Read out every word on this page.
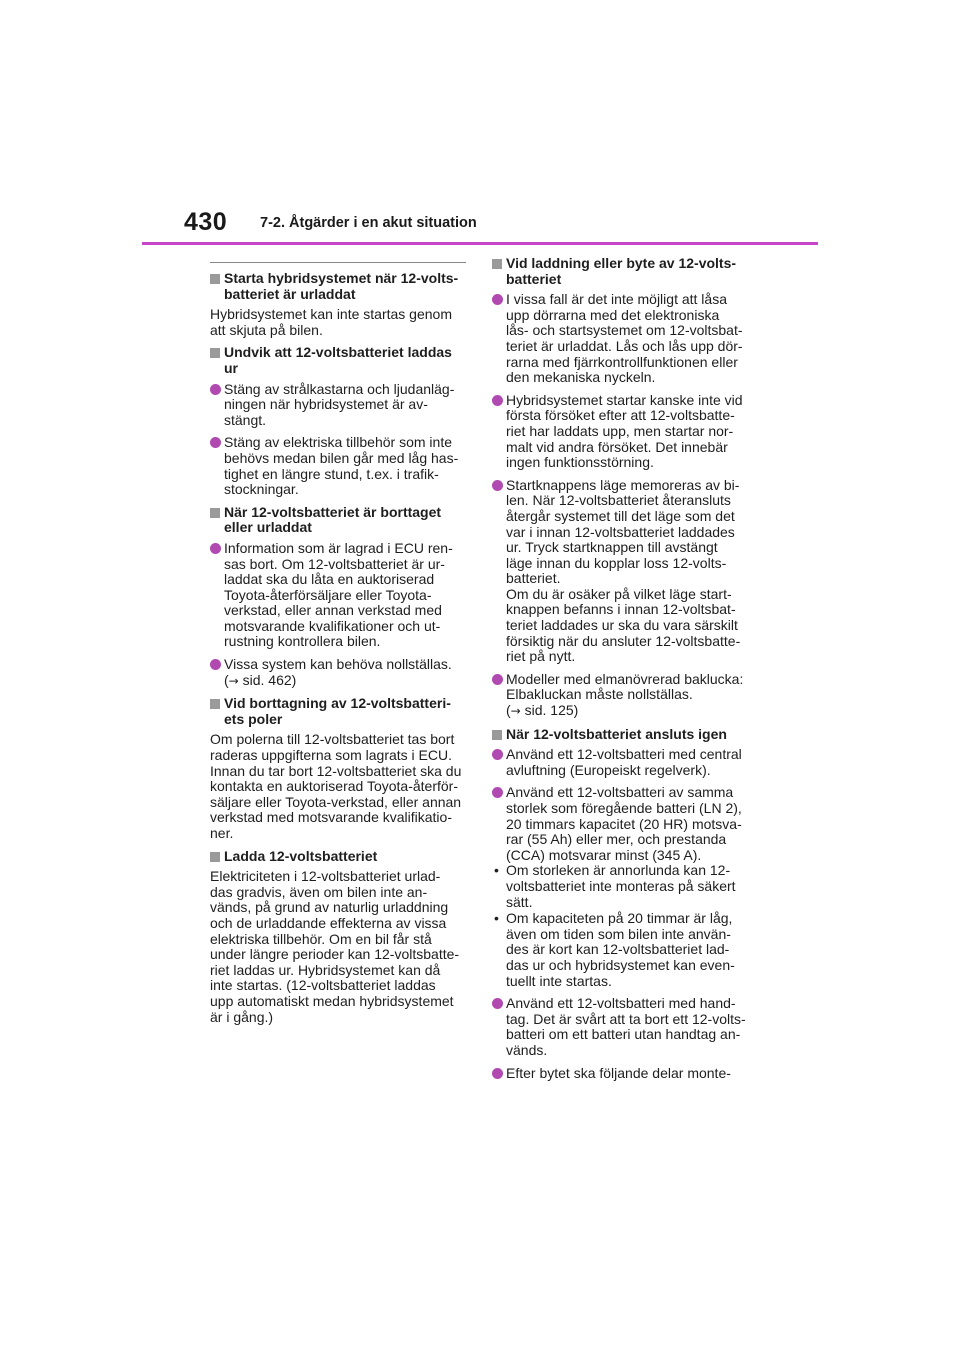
430 7-2. Åtgärder i en akut situation
Starta hybridsystemet när 12-volts-
batteriet är urladdat
Hybridsystemet kan inte startas genom
att skjuta på bilen.
Undvik att 12-voltsbatteriet laddas
ur
Stäng av strålkastarna och ljudanläg-
ningen när hybridsystemet är av-
stängt.
Stäng av elektriska tillbehör som inte
behövs medan bilen går med låg has-
tighet en längre stund, t.ex. i trafik-
stockningar.
När 12-voltsbatteriet är borttaget
eller urladdat
Information som är lagrad i ECU ren-
sas bort. Om 12-voltsbatteriet är ur-
laddat ska du låta en auktoriserad
Toyota-återförsäljare eller Toyota-
verkstad, eller annan verkstad med
motsvarande kvalifikationer och ut-
rustning kontrollera bilen.
Vissa system kan behöva nollställas.
(→ sid. 462)
Vid borttagning av 12-voltsbatteri-
ets poler
Om polerna till 12-voltsbatteriet tas bort
raderas uppgifterna som lagrats i ECU.
Innan du tar bort 12-voltsbatteriet ska du
kontakta en auktoriserad Toyota-återför-
säljare eller Toyota-verkstad, eller annan
verkstad med motsvarande kvalifikatio-
ner.
Ladda 12-voltsbatteriet
Elektriciteten i 12-voltsbatteriet urlad-
das gradvis, även om bilen inte an-
vänds, på grund av naturlig urladdning
och de urladdande effekterna av vissa
elektriska tillbehör. Om en bil får stå
under längre perioder kan 12-voltsbatte-
riet laddas ur. Hybridsystemet kan då
inte startas. (12-voltsbatteriet laddas
upp automatiskt medan hybridsystemet
är i gång.)
Vid laddning eller byte av 12-volts-
batteriet
I vissa fall är det inte möjligt att låsa
upp dörrarna med det elektroniska
lås- och startsystemet om 12-voltsbat-
teriet är urladdat. Lås och lås upp dör-
rarna med fjärrkontrollfunktionen eller
den mekaniska nyckeln.
Hybridsystemet startar kanske inte vid
första försöket efter att 12-voltsbatte-
riet har laddats upp, men startar nor-
malt vid andra försöket. Det innebär
ingen funktionsstörning.
Startknappens läge memoreras av bi-
len. När 12-voltsbatteriet återansluts
återgår systemet till det läge som det
var i innan 12-voltsbatteriet laddades
ur. Tryck startknappen till avstängt
läge innan du kopplar loss 12-volts-
batteriet.
Om du är osäker på vilket läge start-
knappen befanns i innan 12-voltsbat-
teriet laddades ur ska du vara särskilt
försiktig när du ansluter 12-voltsbatte-
riet på nytt.
Modeller med elmanövrerad baklucka:
Elbakluckan måste nollställas.
(→ sid. 125)
När 12-voltsbatteriet ansluts igen
Använd ett 12-voltsbatteri med central
avluftning (Europeiskt regelverk).
Använd ett 12-voltsbatteri av samma
storlek som föregående batteri (LN 2),
20 timmars kapacitet (20 HR) motsva-
rar (55 Ah) eller mer, och prestanda
(CCA) motsvarar minst (345 A).
• Om storleken är annorlunda kan 12-
voltsbatteriet inte monteras på säkert
sätt.
• Om kapaciteten på 20 timmar är låg,
även om tiden som bilen inte använ-
des är kort kan 12-voltsbatteriet lad-
das ur och hybridsystemet kan even-
tuellt inte startas.
Använd ett 12-voltsbatteri med hand-
tag. Det är svårt att ta bort ett 12-volts-
batteri om ett batteri utan handtag an-
vänds.
Efter bytet ska följande delar monte-
